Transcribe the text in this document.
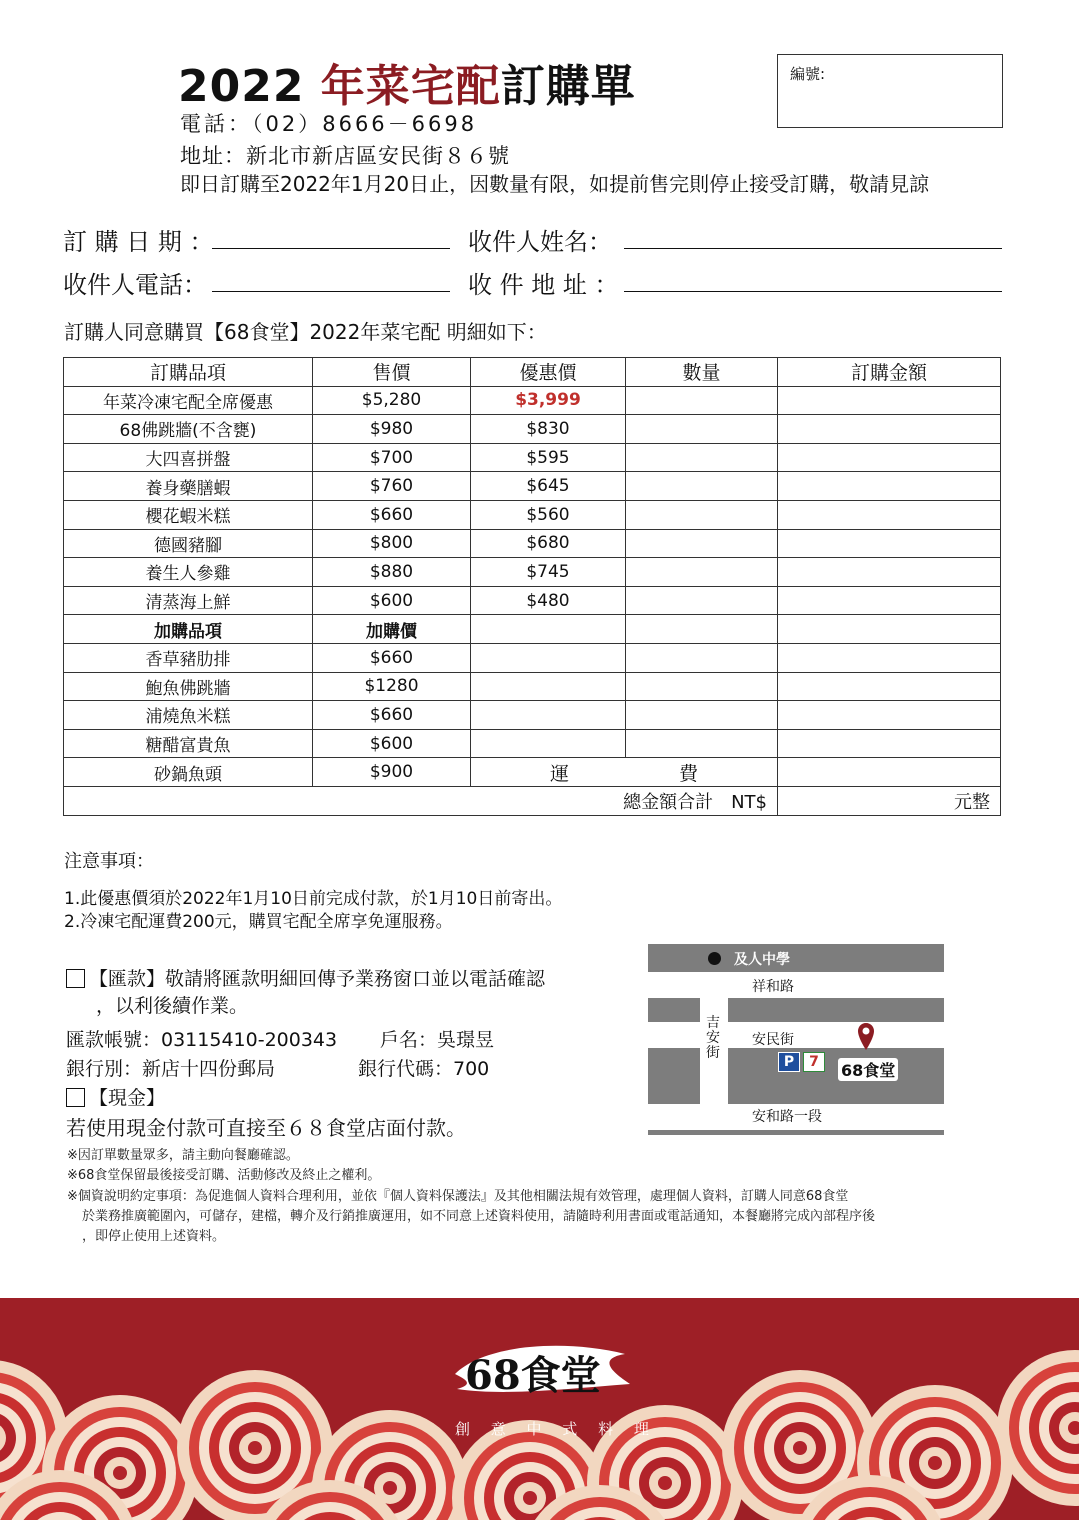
2022 年菜宅配訂購單	編號:
電話：（02）8666－6698
地址：新北市新店區安民街８６號
即日訂購至2022年1月20日止，因數量有限，如提前售完則停止接受訂購，敬請見諒
訂 購 日 期 ：	收件人姓名：
收件人電話：	收 件 地 址 ：
訂購人同意購買【68食堂】2022年菜宅配 明細如下：
訂購品項	售價	優惠價	數量	訂購金額
年菜冷凍宅配全席優惠	$5,280	$3,999		
68佛跳牆(不含甕)	$980	$830		
大四喜拼盤	$700	$595		
養身藥膳蝦	$760	$645		
櫻花蝦米糕	$660	$560		
德國豬腳	$800	$680		
養生人參雞	$880	$745		
清蒸海上鮮	$600	$480		
加購品項	加購價			
香草豬肋排	$660			
鮑魚佛跳牆	$1280			
浦燒魚米糕	$660			
糖醋富貴魚	$600			
砂鍋魚頭	$900	運 費		
總金額合計　NT$				元整
注意事項：
1.此優惠價須於2022年1月10日前完成付款，於1月10日前寄出。
2.冷凍宅配運費200元，購買宅配全席享免運服務。
【匯款】敬請將匯款明細回傳予業務窗口並以電話確認
，以利後續作業。
匯款帳號：03115410-200343 戶名：吳璟昱
銀行別：新店十四份郵局	銀行代碼：700
【現金】
若使用現金付款可直接至６８食堂店面付款。
※因訂單數量眾多，請主動向餐廳確認。
※68食堂保留最後接受訂購、活動修改及終止之權利。
※個資說明約定事項：為促進個人資料合理利用，並依『個人資料保護法』及其他相關法規有效管理，處理個人資料，訂購人同意68食堂
於業務推廣範圍內，可儲存，建檔，轉介及行銷推廣運用，如不同意上述資料使用，請隨時利用書面或電話通知，本餐廳將完成內部程序後
，即停止使用上述資料。
及人中學
祥和路
吉安街
安民街
P	7	68食堂
安和路一段
68食堂
創 意 中 式 料 理
